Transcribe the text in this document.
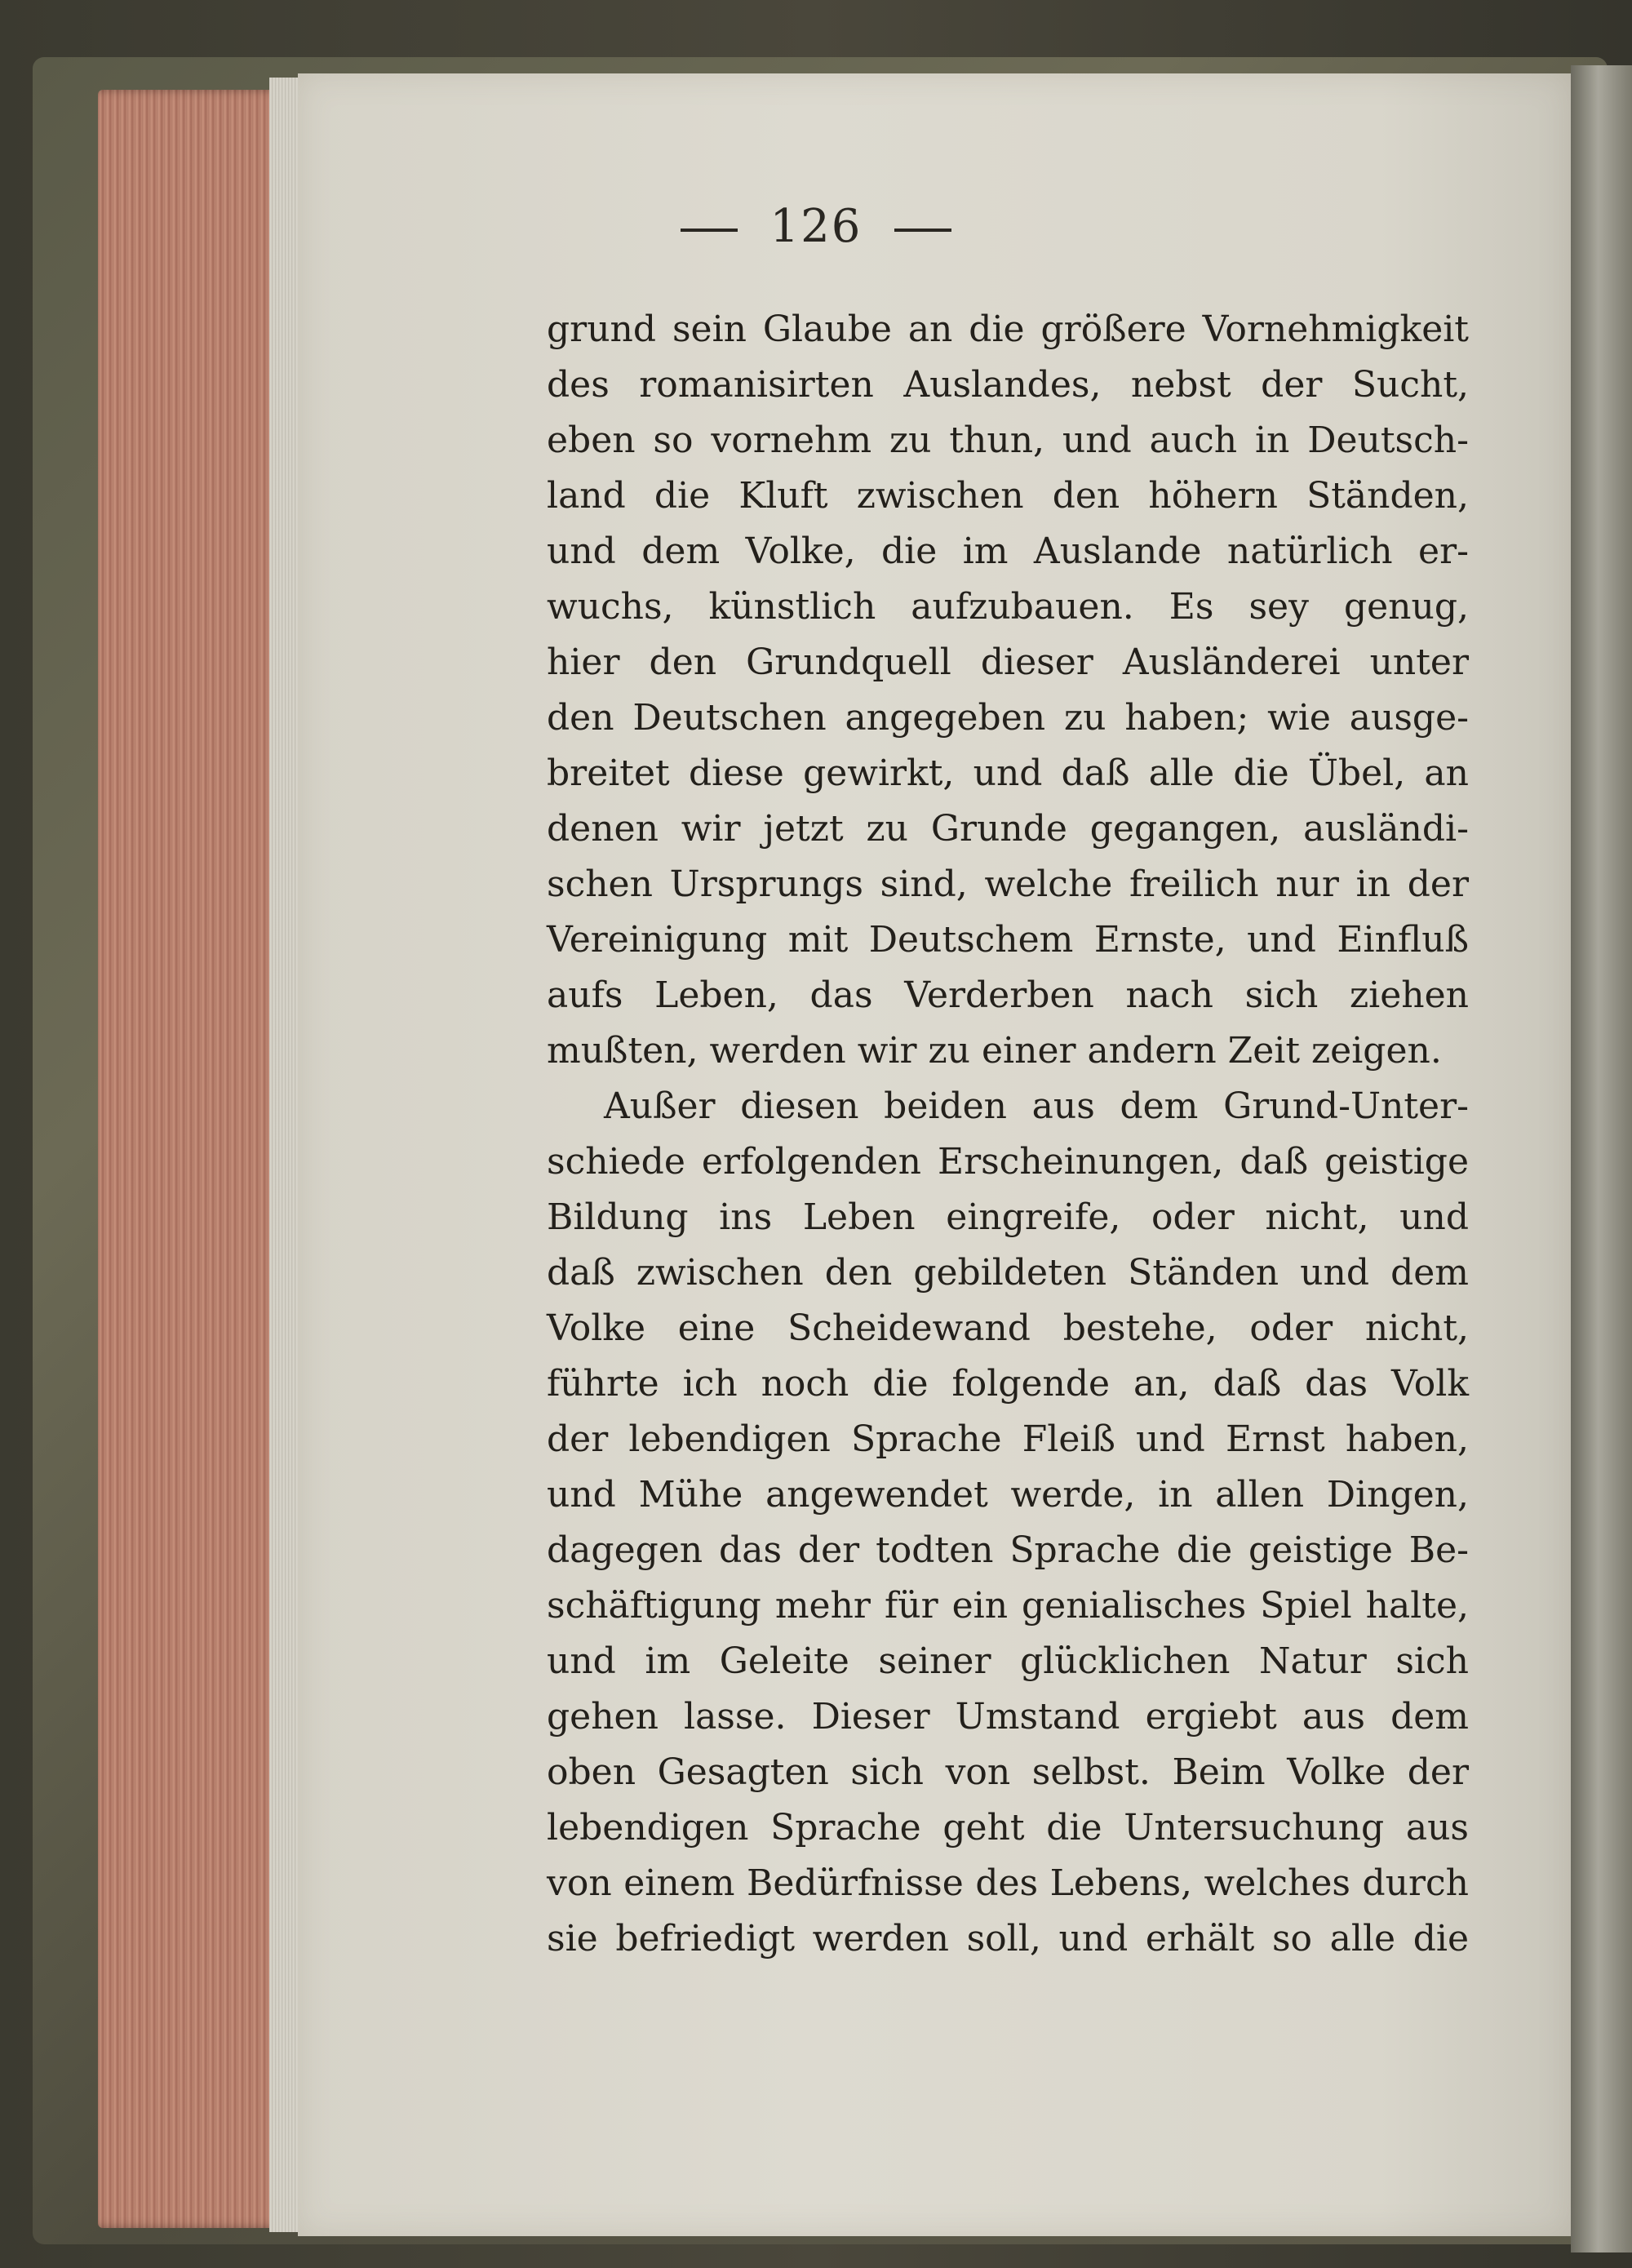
126
grund sein Glaube an die größere Vornehmigkeit
des romanisirten Auslandes, nebst der Sucht,
eben so vornehm zu thun, und auch in Deutsch-
land die Kluft zwischen den höhern Ständen,
und dem Volke, die im Auslande natürlich er-
wuchs, künstlich aufzubauen. Es sey genug,
hier den Grundquell dieser Ausländerei unter
den Deutschen angegeben zu haben; wie ausge-
breitet diese gewirkt, und daß alle die Übel, an
denen wir jetzt zu Grunde gegangen, ausländi-
schen Ursprungs sind, welche freilich nur in der
Vereinigung mit Deutschem Ernste, und Einfluß
aufs Leben, das Verderben nach sich ziehen
mußten, werden wir zu einer andern Zeit zeigen.
Außer diesen beiden aus dem Grund-Unter-
schiede erfolgenden Erscheinungen, daß geistige
Bildung ins Leben eingreife, oder nicht, und
daß zwischen den gebildeten Ständen und dem
Volke eine Scheidewand bestehe, oder nicht,
führte ich noch die folgende an, daß das Volk
der lebendigen Sprache Fleiß und Ernst haben,
und Mühe angewendet werde, in allen Dingen,
dagegen das der todten Sprache die geistige Be-
schäftigung mehr für ein genialisches Spiel halte,
und im Geleite seiner glücklichen Natur sich
gehen lasse. Dieser Umstand ergiebt aus dem
oben Gesagten sich von selbst. Beim Volke der
lebendigen Sprache geht die Untersuchung aus
von einem Bedürfnisse des Lebens, welches durch
sie befriedigt werden soll, und erhält so alle die
